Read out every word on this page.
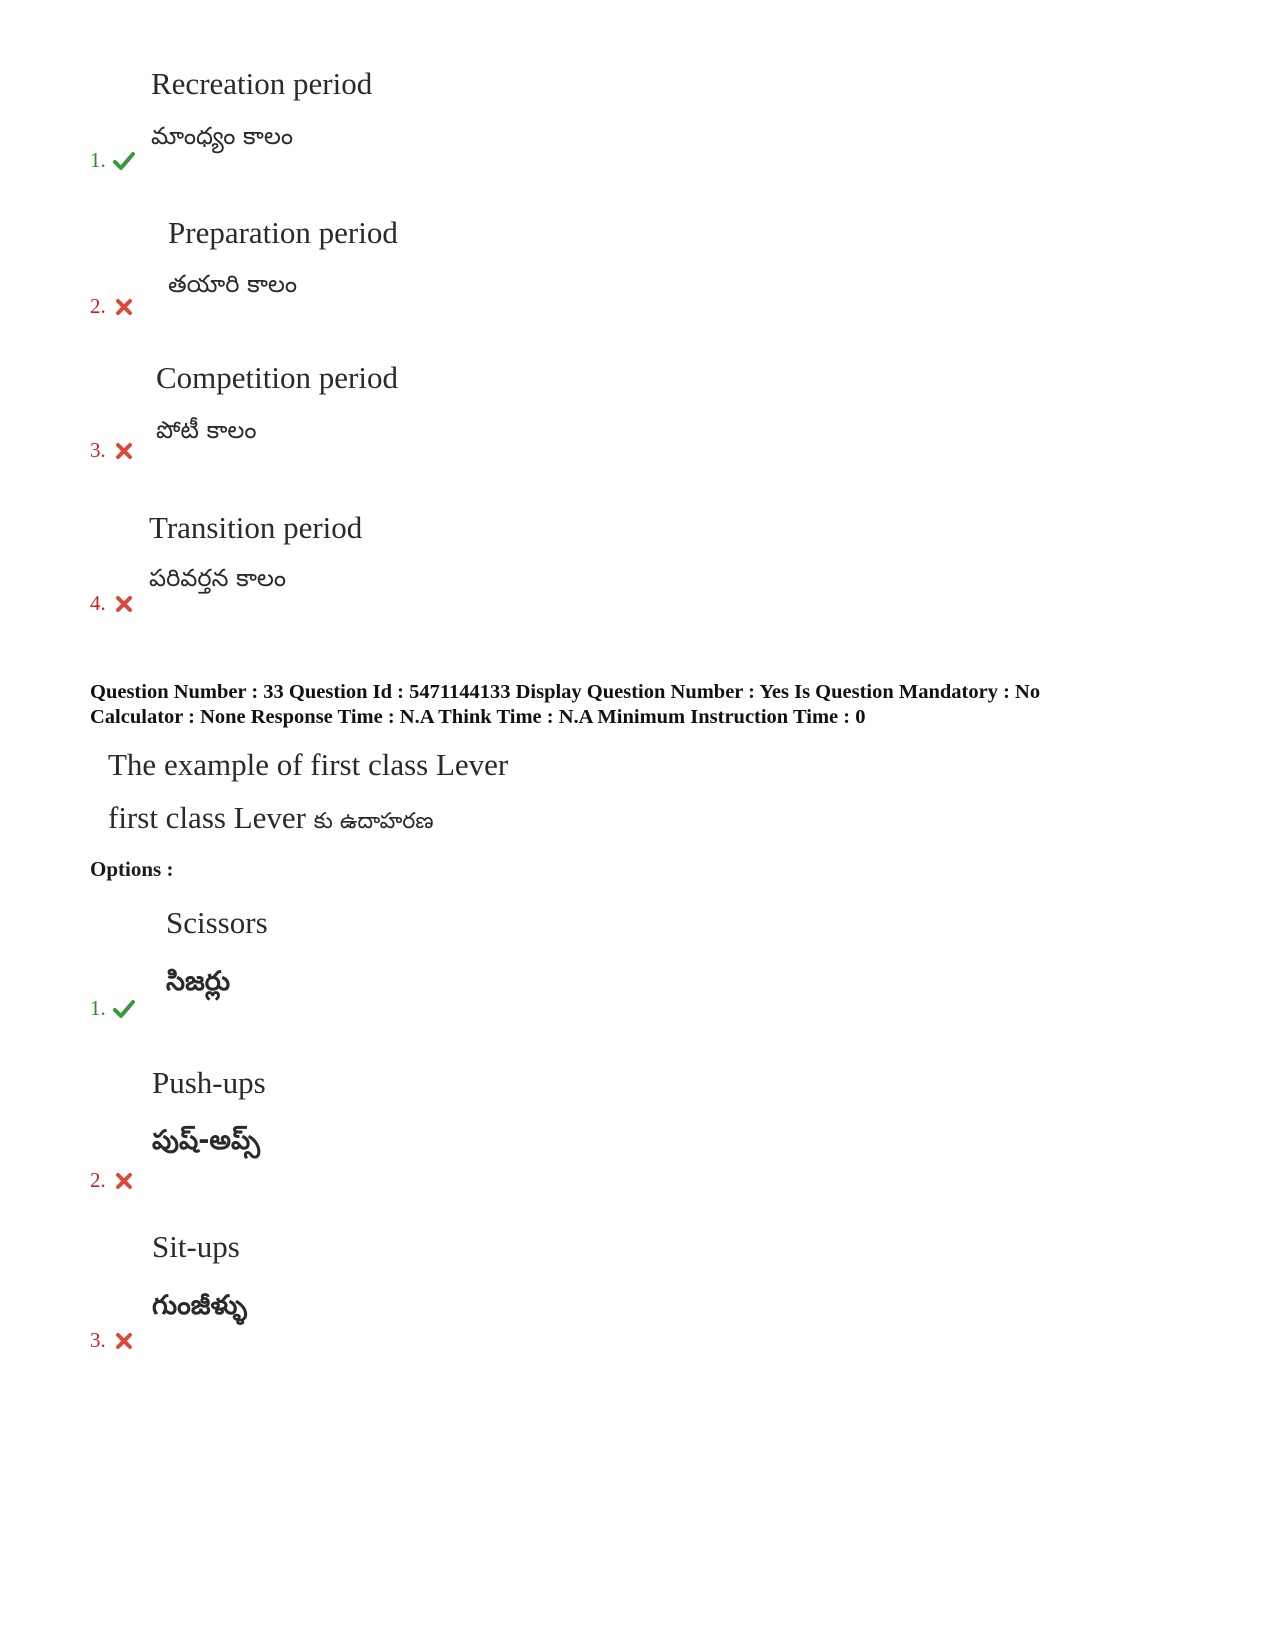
Recreation period
మాంధ్యం కాలం
1.
Preparation period
తయారి కాలం
2.
Competition period
పోటీ కాలం
3.
Transition period
పరివర్తన కాలం
4.
Question Number : 33 Question Id : 5471144133 Display Question Number : Yes Is Question Mandatory : No
Calculator : None Response Time : N.A Think Time : N.A Minimum Instruction Time : 0
The example of first class Lever
first class Lever కు ఉదాహరణ
Options :
Scissors
సిజర్లు
1.
Push-ups
పుష్-అప్స్
2.
Sit-ups
గుంజీళ్ళు
3.
